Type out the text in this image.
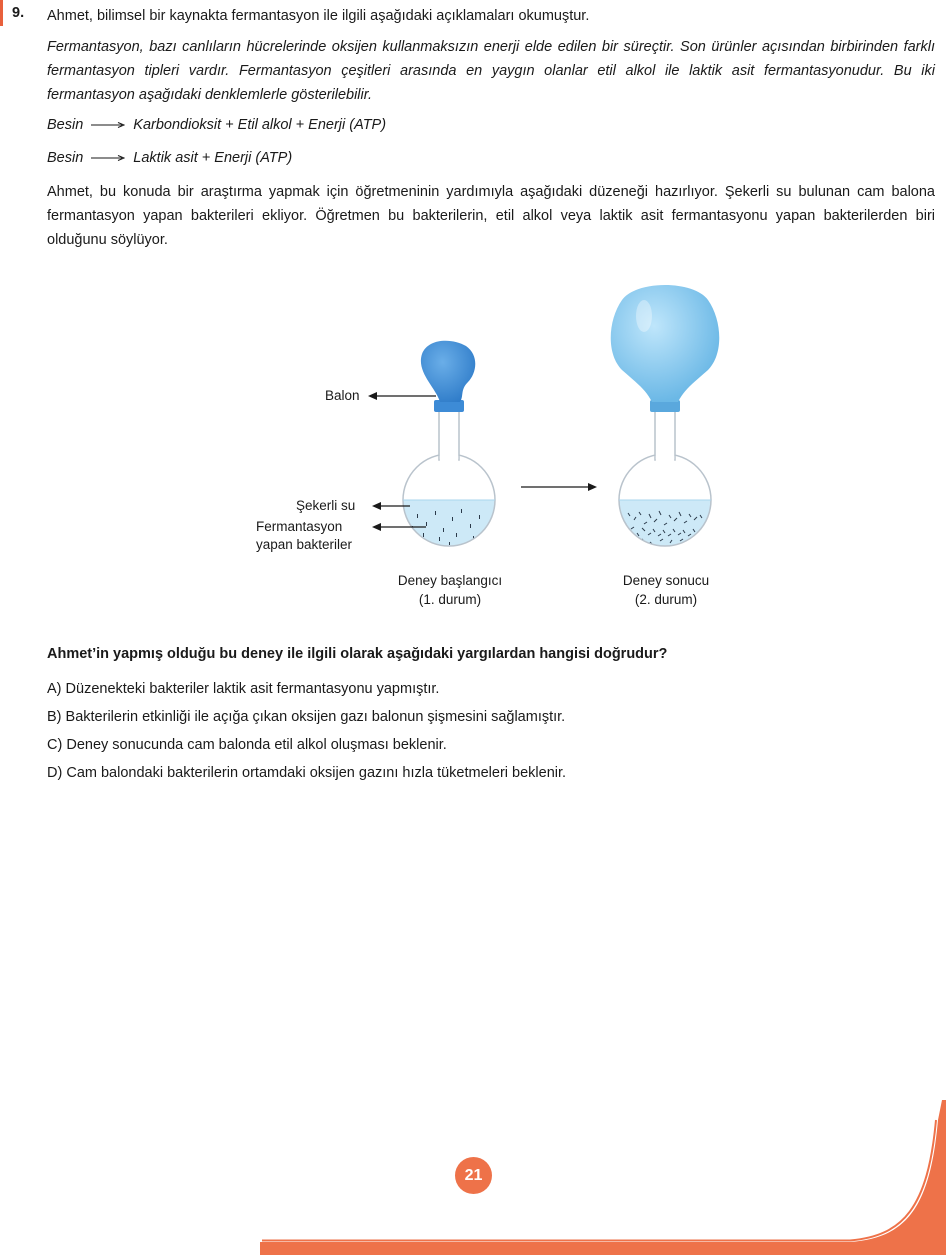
9. Ahmet, bilimsel bir kaynakta fermantasyon ile ilgili aşağıdaki açıklamaları okumuştur.

Fermantasyon, bazı canlıların hücrelerinde oksijen kullanmaksızın enerji elde edilen bir süreçtir. Son ürünler açısından birbirinden farklı fermantasyon tipleri vardır. Fermantasyon çeşitleri arasında en yaygın olanlar etil alkol ile laktik asit fermantasyonudur. Bu iki fermantasyon aşağıdaki denklemlerle gösterilebilir.

Besin	Karbondioksit + Etil alkol + Enerji (ATP)
Besin	Laktik asit + Enerji (ATP)

Ahmet, bu konuda bir araştırma yapmak için öğretmeninin yardımıyla aşağıdaki düzeneği hazırlıyor. Şekerli su bulunan cam balona fermantasyon yapan bakterileri ekliyor. Öğretmen bu bakterilerin, etil alkol veya laktik asit fermantasyonu yapan bakterilerden biri olduğunu söylüyor.

Balon
Şekerli su
Fermantasyon
yapan bakteriler
Deney başlangıcı
(1. durum)
Deney sonucu
(2. durum)
Ahmet’in yapmış olduğu bu deney ile ilgili olarak aşağıdaki yargılardan hangisi doğrudur?
A) Düzenekteki bakteriler laktik asit fermantasyonu yapmıştır.
B) Bakterilerin etkinliği ile açığa çıkan oksijen gazı balonun şişmesini sağlamıştır.
C) Deney sonucunda cam balonda etil alkol oluşması beklenir.
D) Cam balondaki bakterilerin ortamdaki oksijen gazını hızla tüketmeleri beklenir.
21
